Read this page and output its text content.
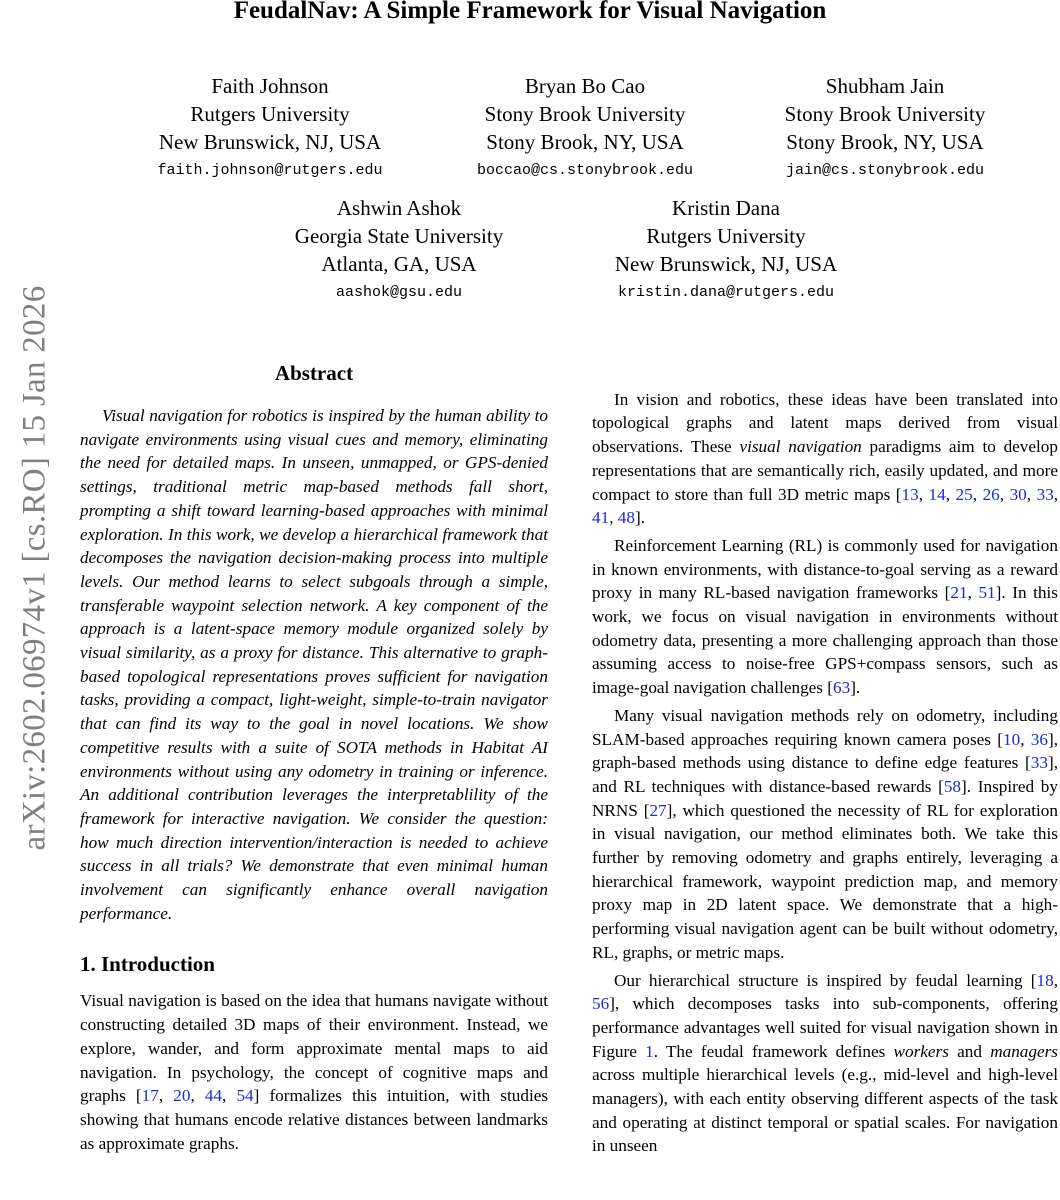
FeudalNav: A Simple Framework for Visual Navigation
Faith Johnson
Rutgers University
New Brunswick, NJ, USA
faith.johnson@rutgers.edu
Bryan Bo Cao
Stony Brook University
Stony Brook, NY, USA
boccao@cs.stonybrook.edu
Shubham Jain
Stony Brook University
Stony Brook, NY, USA
jain@cs.stonybrook.edu
Ashwin Ashok
Georgia State University
Atlanta, GA, USA
aashok@gsu.edu
Kristin Dana
Rutgers University
New Brunswick, NJ, USA
kristin.dana@rutgers.edu
arXiv:2602.06974v1 [cs.RO] 15 Jan 2026	Abstract

Visual navigation for robotics is inspired by the human ability to navigate environments using visual cues and memory, eliminating the need for detailed maps. In unseen, unmapped, or GPS-denied settings, traditional metric map-based methods fall short, prompting a shift toward learning-based approaches with minimal exploration. In this work, we develop a hierarchical framework that decomposes the navigation decision-making process into multiple levels. Our method learns to select subgoals through a simple, transferable waypoint selection network. A key component of the approach is a latent-space memory module organized solely by visual similarity, as a proxy for distance. This alternative to graph-based topological representations proves sufficient for navigation tasks, providing a compact, light-weight, simple-to-train navigator that can find its way to the goal in novel locations. We show competitive results with a suite of SOTA methods in Habitat AI environments without using any odometry in training or inference. An additional contribution leverages the interpretablility of the framework for interactive navigation. We consider the question: how much direction intervention/interaction is needed to achieve success in all trials? We demonstrate that even minimal human involvement can significantly enhance overall navigation performance.

1. Introduction

Visual navigation is based on the idea that humans navigate without constructing detailed 3D maps of their environment. Instead, we explore, wander, and form approximate mental maps to aid navigation. In psychology, the concept of cognitive maps and graphs [17, 20, 44, 54] formalizes this intuition, with studies showing that humans encode relative distances between landmarks as approximate graphs.

In vision and robotics, these ideas have been translated into topological graphs and latent maps derived from visual observations. These visual navigation paradigms aim to develop representations that are semantically rich, easily updated, and more compact to store than full 3D metric maps [13, 14, 25, 26, 30, 33, 41, 48].

Reinforcement Learning (RL) is commonly used for navigation in known environments, with distance-to-goal serving as a reward proxy in many RL-based navigation frameworks [21, 51]. In this work, we focus on visual navigation in environments without odometry data, presenting a more challenging approach than those assuming access to noise-free GPS+compass sensors, such as image-goal navigation challenges [63].

Many visual navigation methods rely on odometry, including SLAM-based approaches requiring known camera poses [10, 36], graph-based methods using distance to define edge features [33], and RL techniques with distance-based rewards [58]. Inspired by NRNS [27], which questioned the necessity of RL for exploration in visual navigation, our method eliminates both. We take this further by removing odometry and graphs entirely, leveraging a hierarchical framework, waypoint prediction map, and memory proxy map in 2D latent space. We demonstrate that a high-performing visual navigation agent can be built without odometry, RL, graphs, or metric maps.

Our hierarchical structure is inspired by feudal learning [18, 56], which decomposes tasks into sub-components, offering performance advantages well suited for visual navigation shown in Figure 1. The feudal framework defines workers and managers across multiple hierarchical levels (e.g., mid-level and high-level managers), with each entity observing different aspects of the task and operating at distinct temporal or spatial scales. For navigation in unseen
